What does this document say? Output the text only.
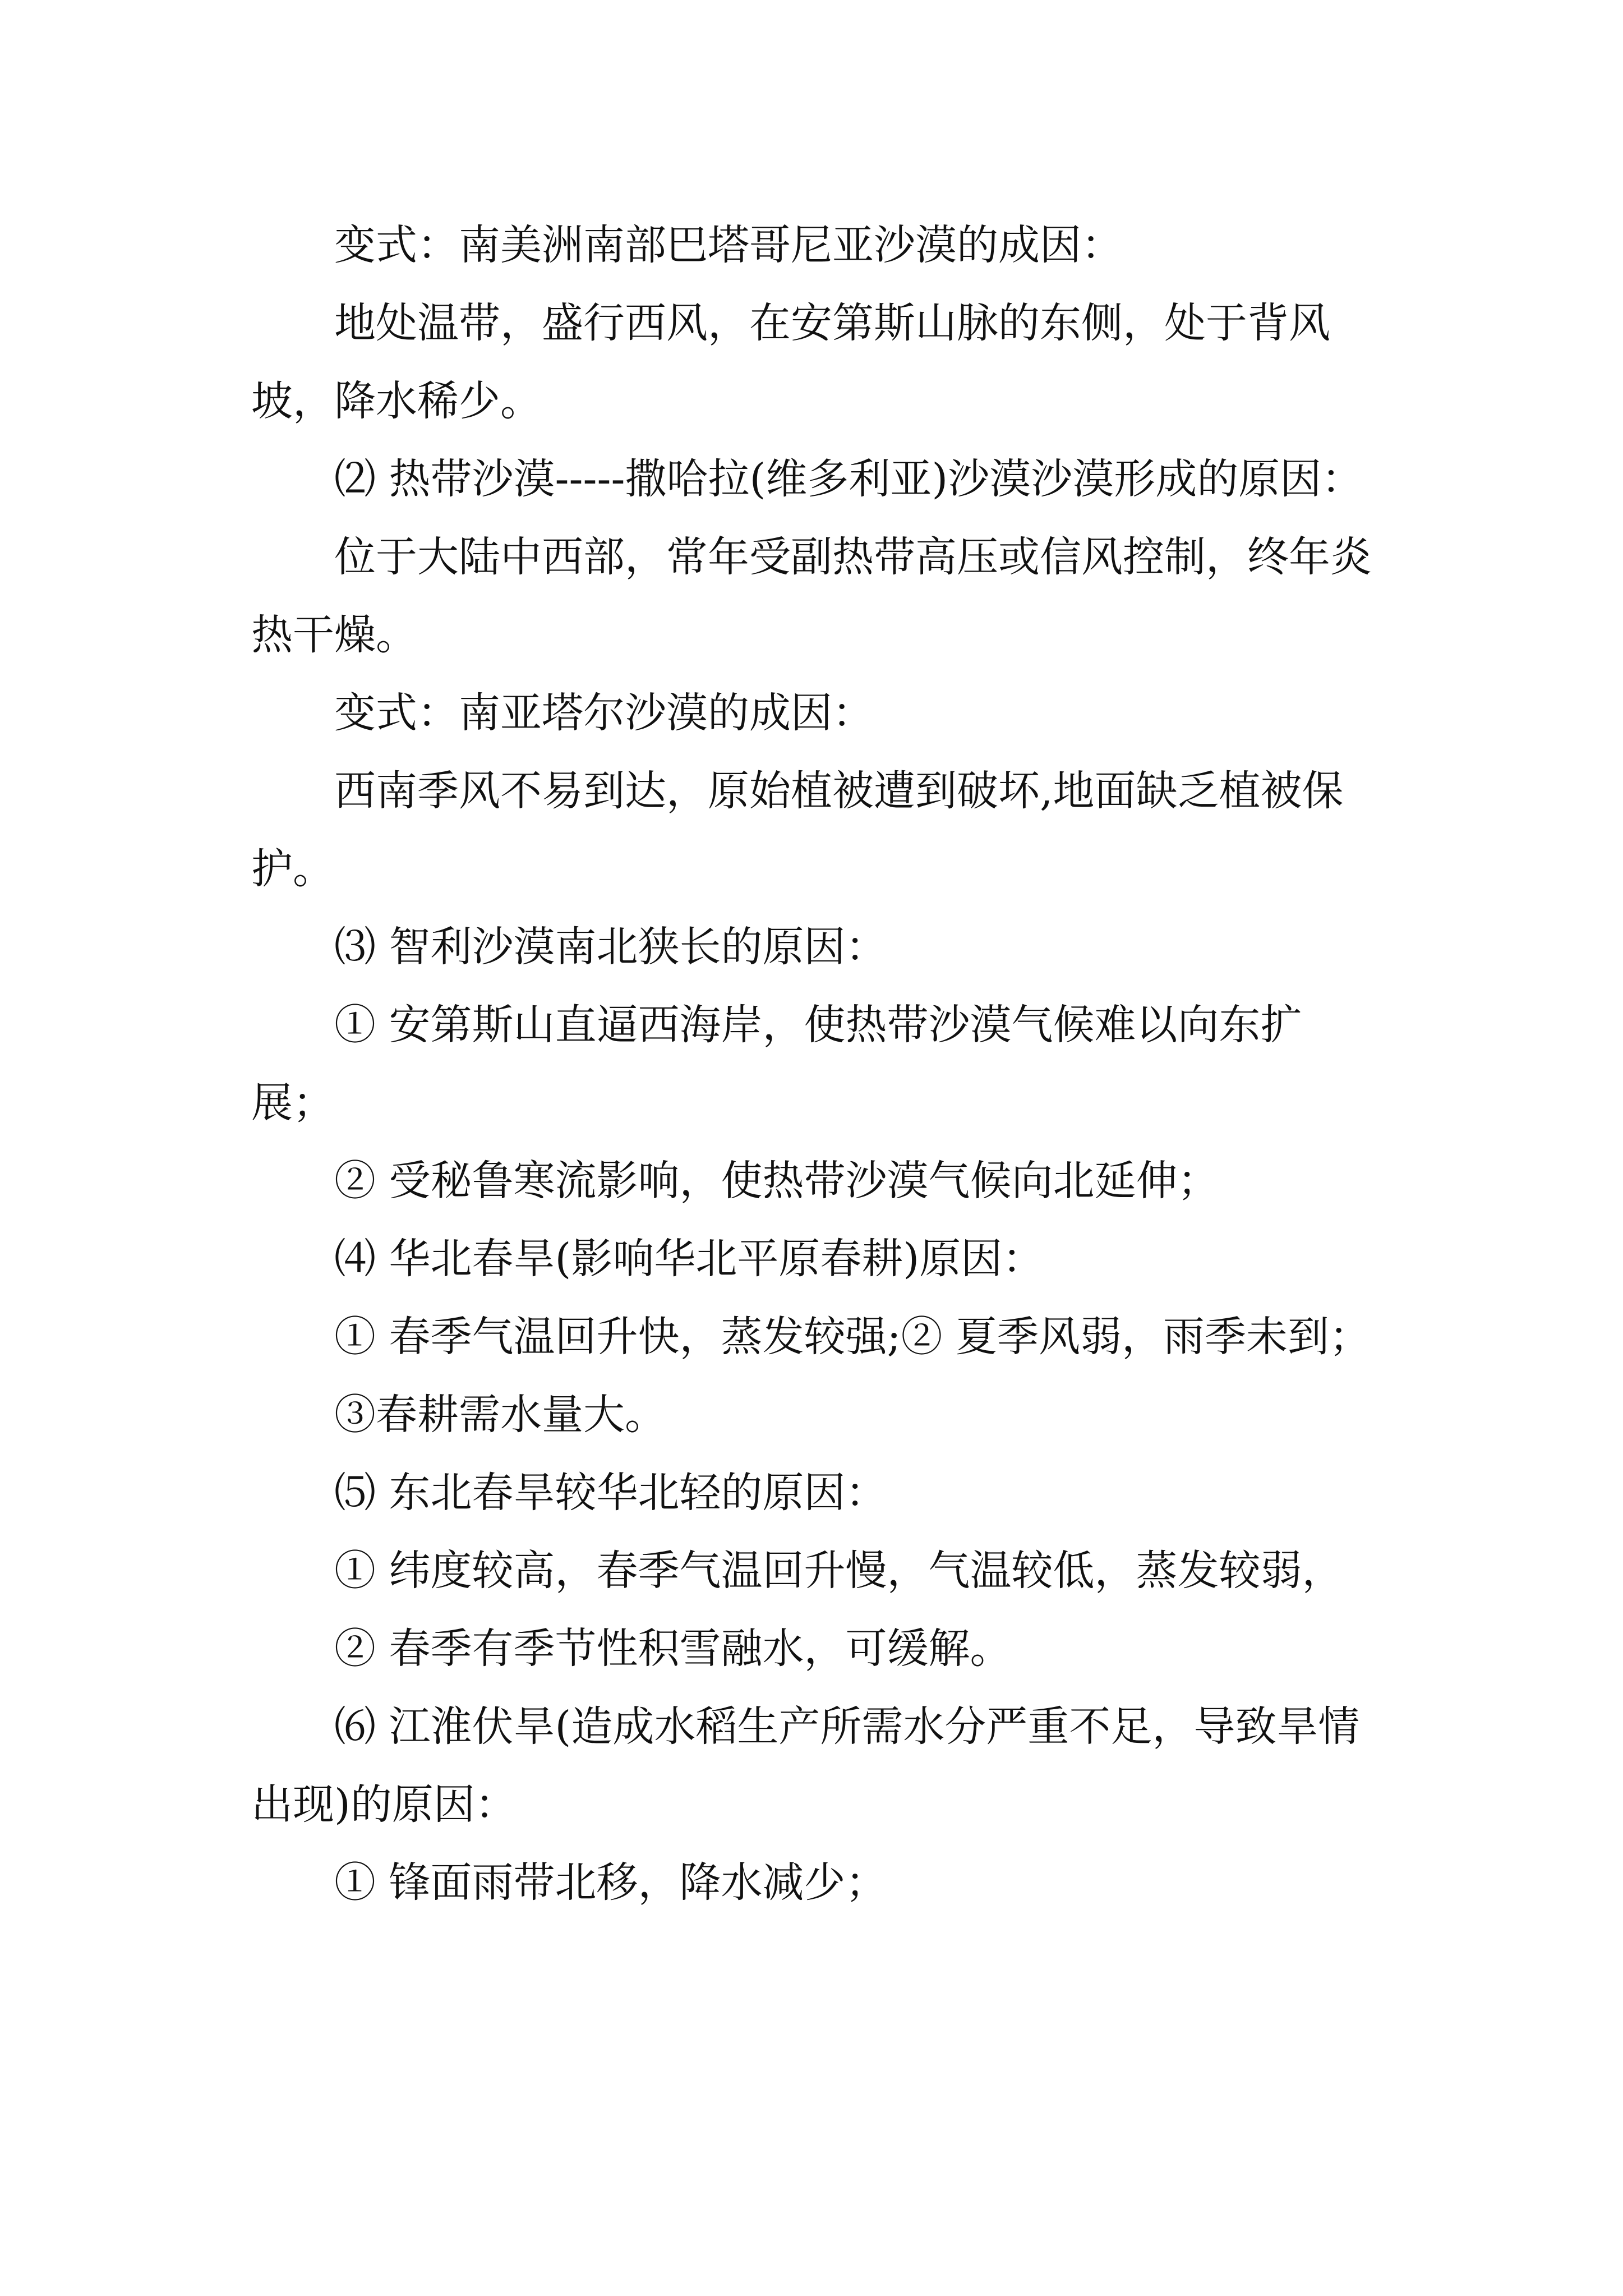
变式：南美洲南部巴塔哥尼亚沙漠的成因：

地处温带，盛行西风，在安第斯山脉的东侧，处于背风坡，降水稀少。

⑵ 热带沙漠-----撒哈拉(维多利亚)沙漠沙漠形成的原因：

位于大陆中西部，常年受副热带高压或信风控制，终年炎热干燥。

变式：南亚塔尔沙漠的成因：

西南季风不易到达，原始植被遭到破坏,地面缺乏植被保护。

⑶ 智利沙漠南北狭长的原因：

① 安第斯山直逼西海岸，使热带沙漠气候难以向东扩展；

② 受秘鲁寒流影响，使热带沙漠气候向北延伸；

⑷ 华北春旱(影响华北平原春耕)原因：

① 春季气温回升快，蒸发较强;② 夏季风弱，雨季未到；

③春耕需水量大。

⑸ 东北春旱较华北轻的原因：

① 纬度较高，春季气温回升慢，气温较低，蒸发较弱，

② 春季有季节性积雪融水，可缓解。

⑹ 江淮伏旱(造成水稻生产所需水分严重不足，导致旱情出现)的原因：

① 锋面雨带北移，降水减少；
